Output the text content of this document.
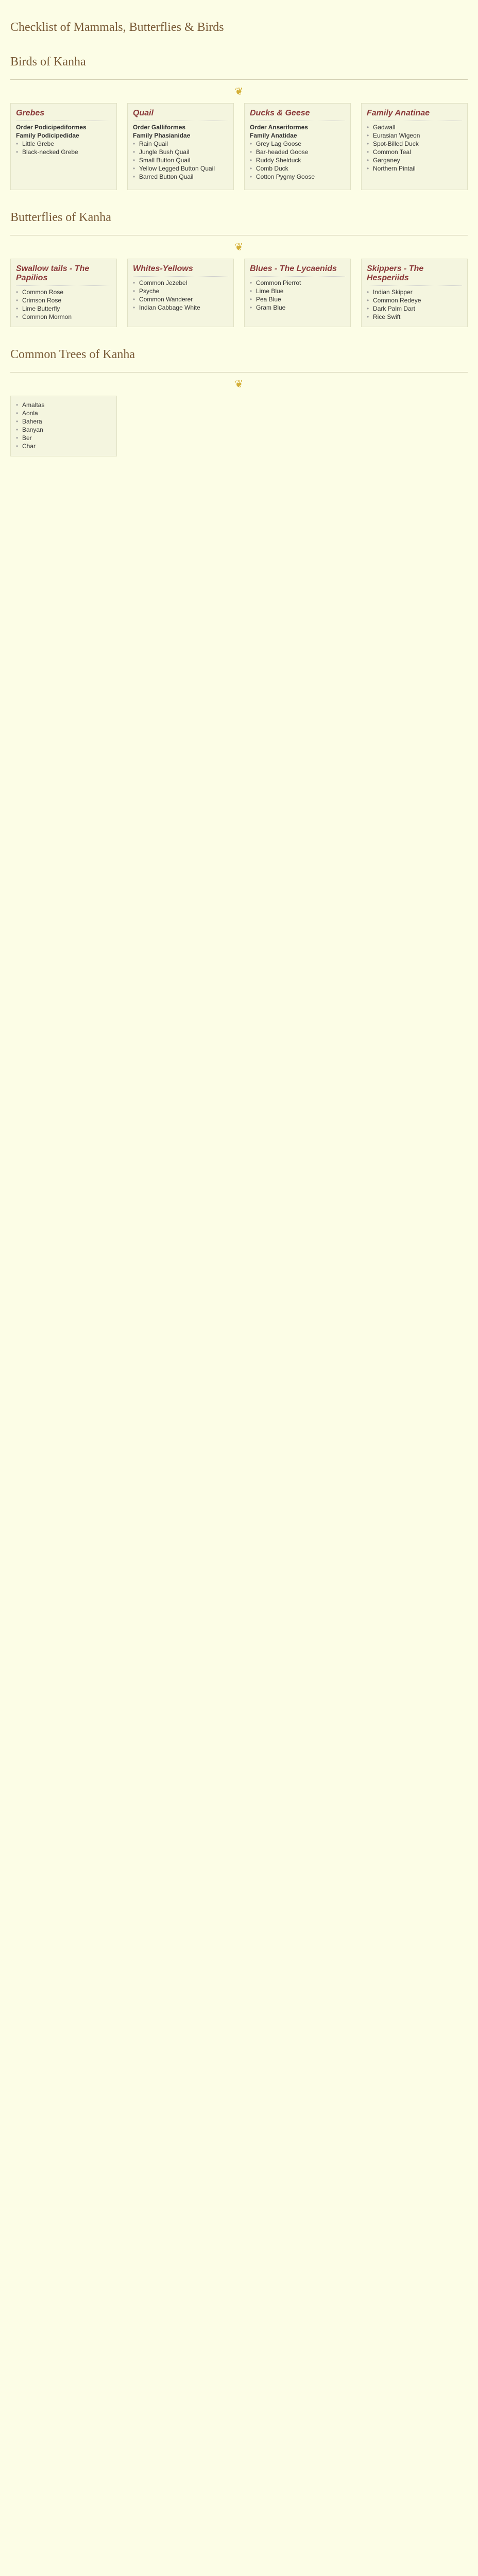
Checklist of Mammals, Butterflies & Birds
Birds of Kanha
❦
Grebes
Order Podicipediformes
Family Podicipedidae
• Little Grebe
• Black-necked Grebe
Quail
Order Galliformes
Family Phasianidae
• Rain Quail
• Jungle Bush Quail
• Small Button Quail
• Yellow Legged Button Quail
• Barred Button Quail
Ducks & Geese
Order Anseriformes
Family Anatidae
• Grey Lag Goose
• Bar-headed Goose
• Ruddy Shelduck
• Comb Duck
• Cotton Pygmy Goose
Family Anatinae
• Gadwall
• Eurasian Wigeon
• Spot-Billed Duck
• Common Teal
• Garganey
• Northern Pintail
Butterflies of Kanha
❦
Swallow tails - The Papilios
• Common Rose
• Crimson Rose
• Lime Butterfly
• Common Mormon
Whites-Yellows
• Common Jezebel
• Psyche
• Common Wanderer
• Indian Cabbage White
Blues - The Lycaenids
• Common Pierrot
• Lime Blue
• Pea Blue
• Gram Blue
Skippers - The Hesperiids
• Indian Skipper
• Common Redeye
• Dark Palm Dart
• Rice Swift
Common Trees of Kanha
❦
• Amaltas
• Aonla
• Bahera
• Banyan
• Ber
• Char
